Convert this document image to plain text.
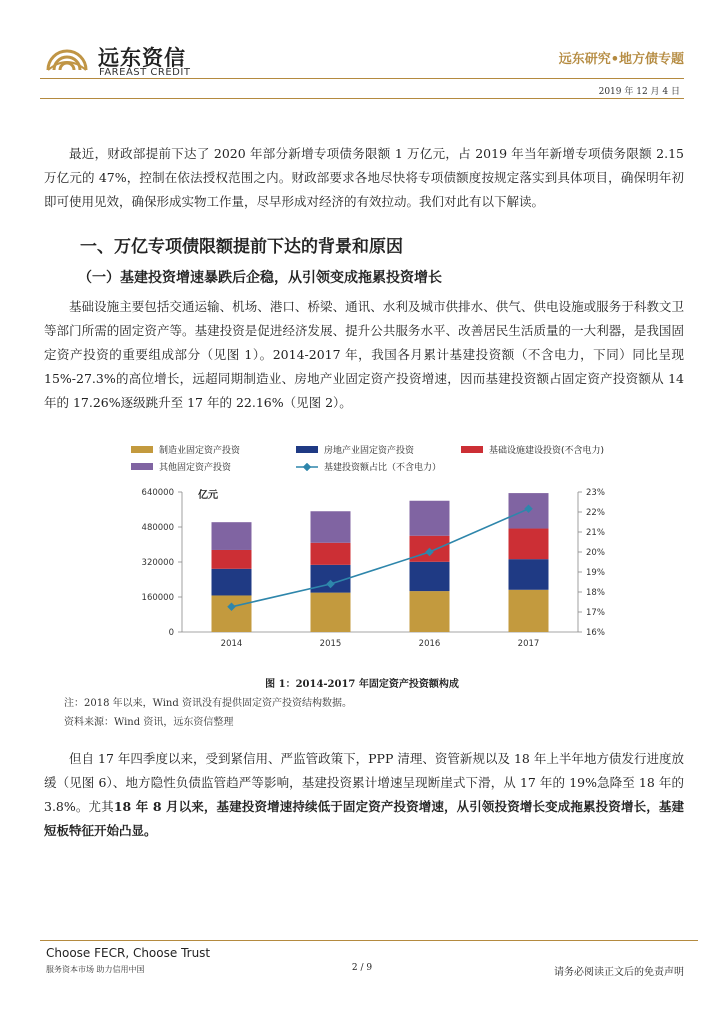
远东资信
FAREAST CREDIT
远东研究•地方债专题
2019 年 12 月 4 日

最近，财政部提前下达了 2020 年部分新增专项债务限额 1 万亿元，占 2019 年当年新增专项债务限额 2.15 万亿元的 47%，控制在依法授权范围之内。财政部要求各地尽快将专项债额度按规定落实到具体项目，确保明年初即可使用见效，确保形成实物工作量，尽早形成对经济的有效拉动。我们对此有以下解读。

一、万亿专项债限额提前下达的背景和原因
（一）基建投资增速暴跌后企稳，从引领变成拖累投资增长

基础设施主要包括交通运输、机场、港口、桥梁、通讯、水利及城市供排水、供气、供电设施或服务于科教文卫等部门所需的固定资产等。基建投资是促进经济发展、提升公共服务水平、改善居民生活质量的一大利器，是我国固定资产投资的重要组成部分（见图 1）。2014-2017 年，我国各月累计基建投资额（不含电力，下同）同比呈现 15%-27.3%的高位增长，远超同期制造业、房地产业固定资产投资增速，因而基建投资额占固定资产投资额从 14 年的 17.26%逐级跳升至 17 年的 22.16%（见图 2）。

制造业固定资产投资	房地产业固定资产投资	基础设施建设投资(不含电力)
其他固定资产投资	基建投资额占比（不含电力）
0
160000
320000
480000
640000
16%
17%
18%
19%
20%
21%
22%
23%
亿元
2014	2015	2016	2017
图 1：2014-2017 年固定资产投资额构成
注：2018 年以来，Wind 资讯没有提供固定资产投资结构数据。
资料来源：Wind 资讯，远东资信整理

但自 17 年四季度以来，受到紧信用、严监管政策下，PPP 清理、资管新规以及 18 年上半年地方债发行进度放缓（见图 6）、地方隐性负债监管趋严等影响，基建投资累计增速呈现断崖式下滑，从 17 年的 19%急降至 18 年的 3.8%。尤其18 年 8 月以来，基建投资增速持续低于固定资产投资增速，从引领投资增长变成拖累投资增长，基建短板特征开始凸显。

Choose FECR, Choose Trust
服务资本市场 助力信用中国	2 / 9	请务必阅读正文后的免责声明
